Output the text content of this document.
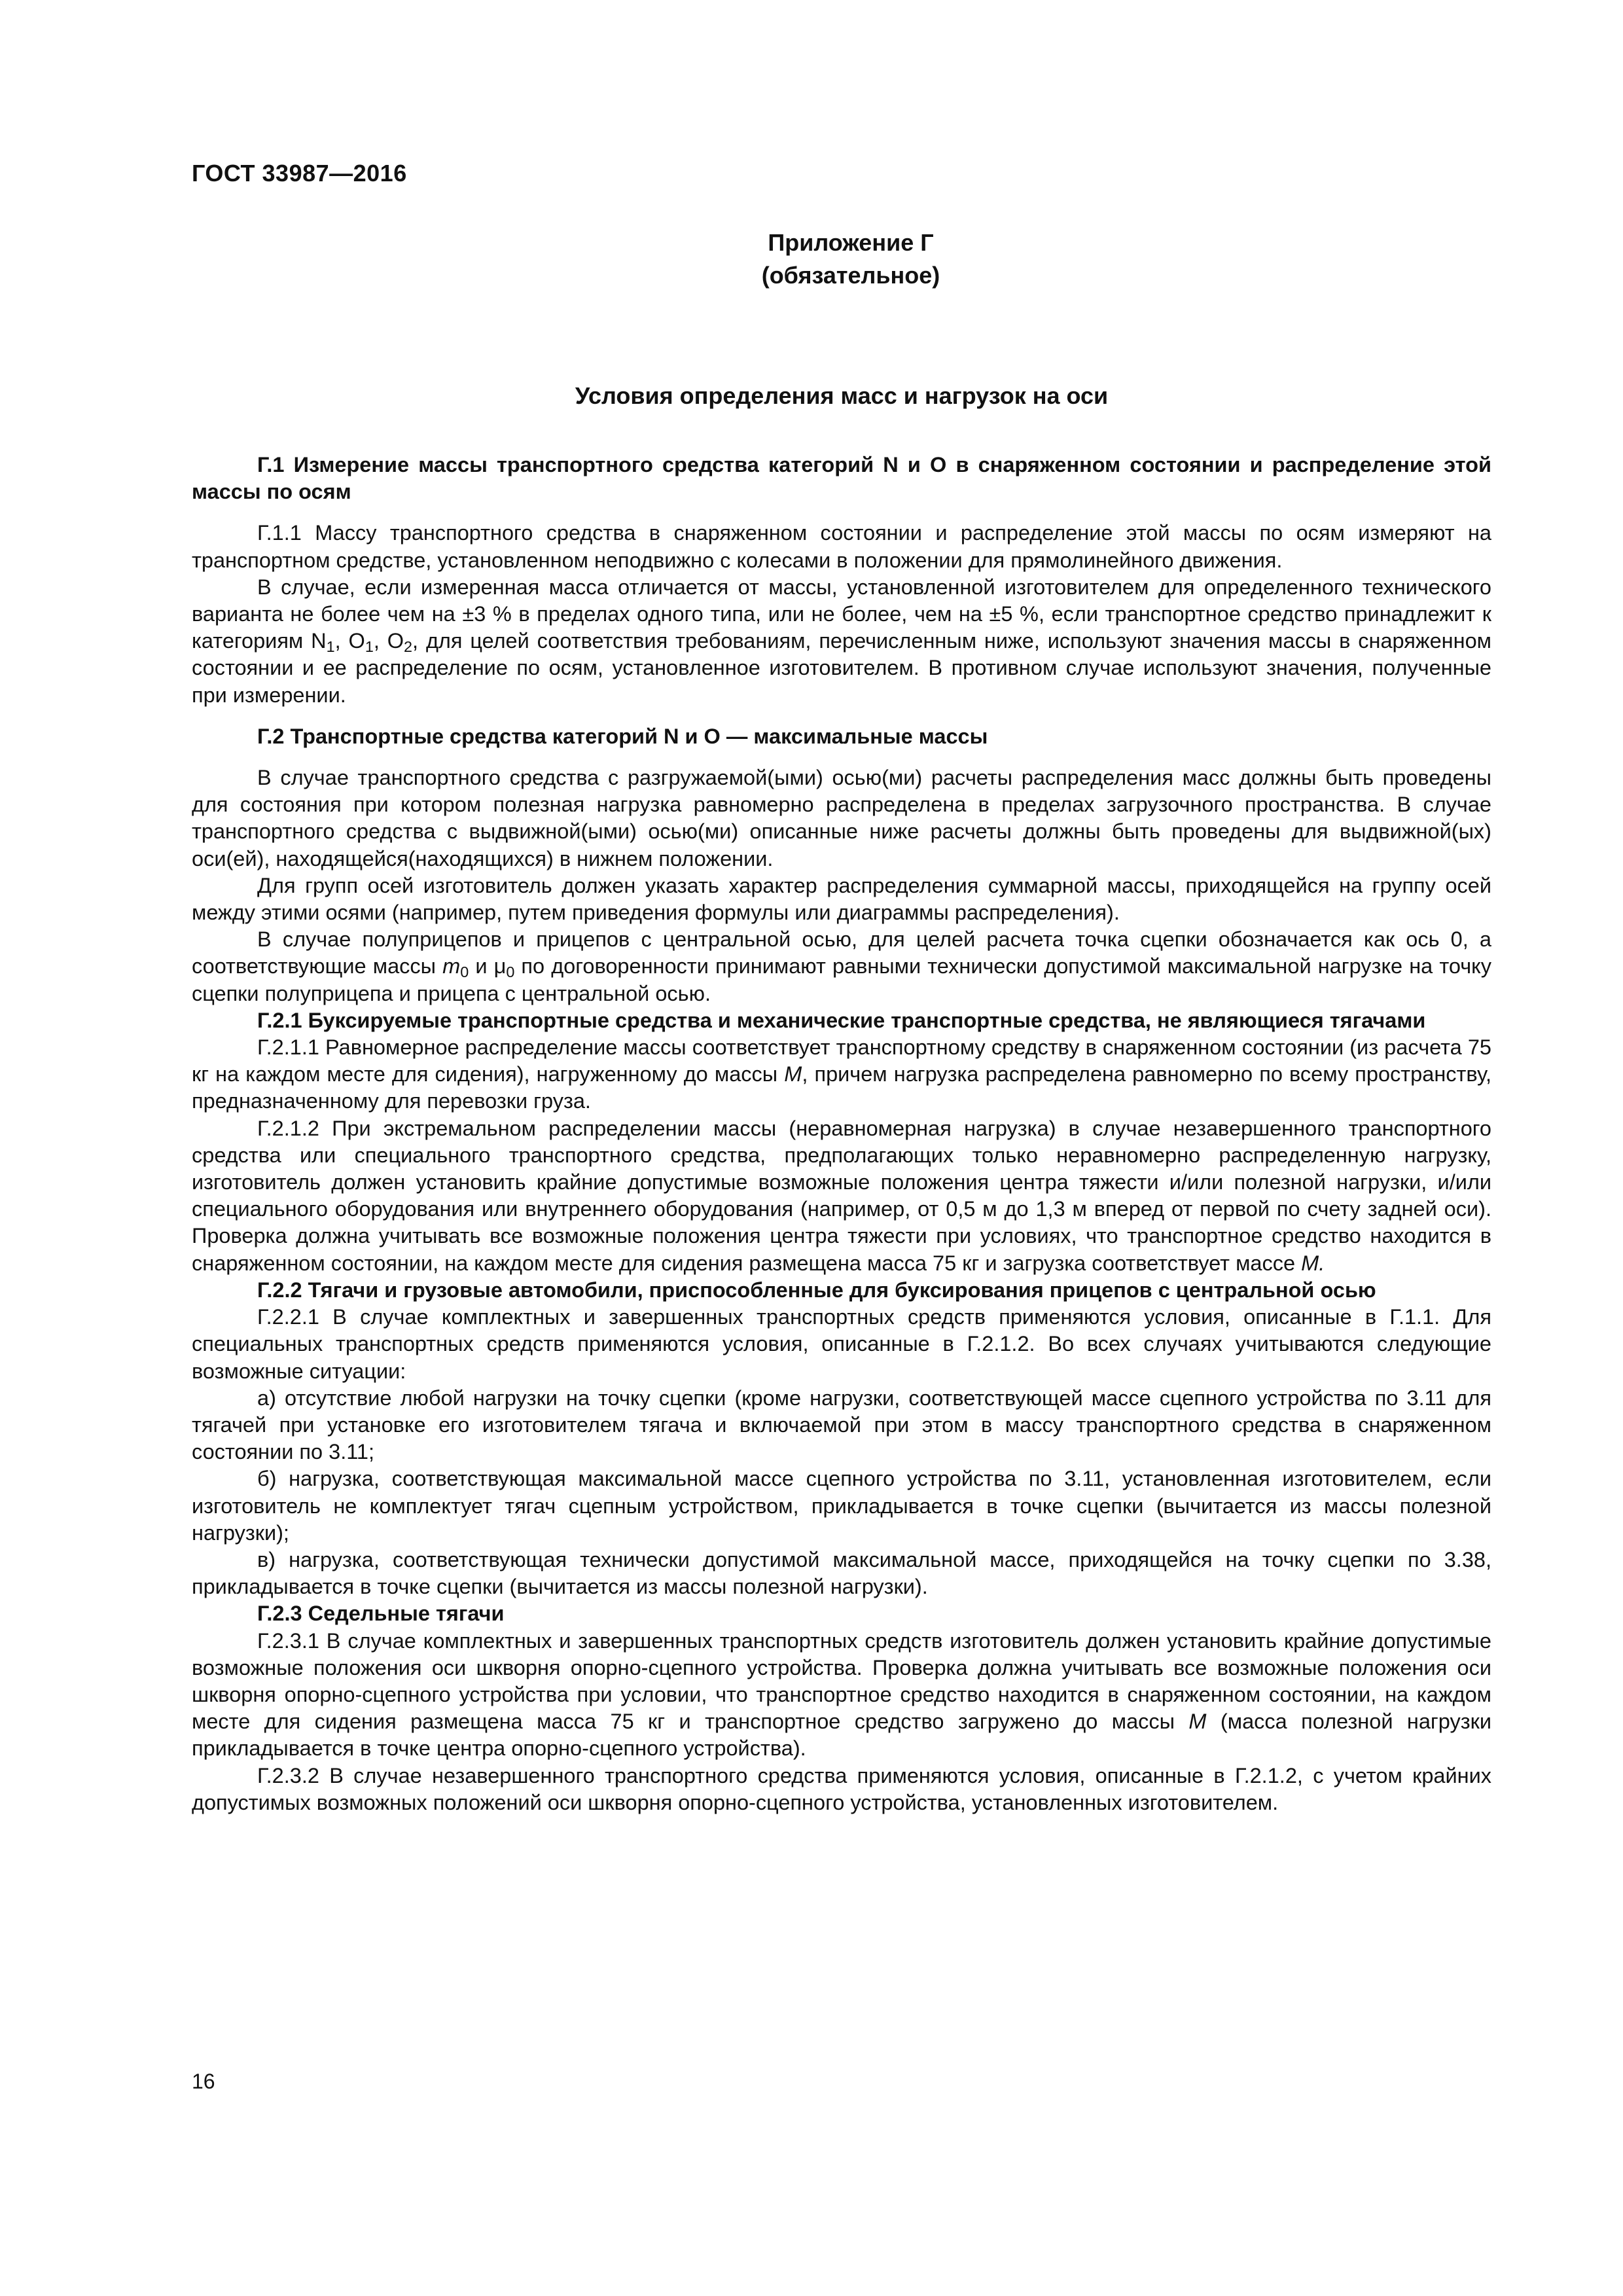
ГОСТ 33987—2016
Приложение Г
(обязательное)
Условия определения масс и нагрузок на оси

Г.1 Измерение массы транспортного средства категорий N и O в снаряженном состоянии и распределение этой массы по осям

Г.1.1 Массу транспортного средства в снаряженном состоянии и распределение этой массы по осям измеряют на транспортном средстве, установленном неподвижно с колесами в положении для прямолинейного движения.

В случае, если измеренная масса отличается от массы, установленной изготовителем для определенного технического варианта не более чем на ±3 % в пределах одного типа, или не более, чем на ±5 %, если транспортное средство принадлежит к категориям $N_1$, $O_1$, $O_2$, для целей соответствия требованиям, перечисленным ниже, используют значения массы в снаряженном состоянии и ее распределение по осям, установленное изготовителем. В противном случае используют значения, полученные при измерении.

Г.2 Транспортные средства категорий N и O — максимальные массы

В случае транспортного средства с разгружаемой(ыми) осью(ми) расчеты распределения масс должны быть проведены для состояния при котором полезная нагрузка равномерно распределена в пределах загрузочного пространства. В случае транспортного средства с выдвижной(ыми) осью(ми) описанные ниже расчеты должны быть проведены для выдвижной(ых) оси(ей), находящейся(находящихся) в нижнем положении.

Для групп осей изготовитель должен указать характер распределения суммарной массы, приходящейся на группу осей между этими осями (например, путем приведения формулы или диаграммы распределения).

В случае полуприцепов и прицепов с центральной осью, для целей расчета точка сцепки обозначается как ось 0, а соответствующие массы $m_0$ и $\mu_0$ по договоренности принимают равными технически допустимой максимальной нагрузке на точку сцепки полуприцепа и прицепа с центральной осью.

Г.2.1 Буксируемые транспортные средства и механические транспортные средства, не являющиеся тягачами

Г.2.1.1 Равномерное распределение массы соответствует транспортному средству в снаряженном состоянии (из расчета 75 кг на каждом месте для сидения), нагруженному до массы M, причем нагрузка распределена равномерно по всему пространству, предназначенному для перевозки груза.

Г.2.1.2 При экстремальном распределении массы (неравномерная нагрузка) в случае незавершенного транспортного средства или специального транспортного средства, предполагающих только неравномерно распределенную нагрузку, изготовитель должен установить крайние допустимые возможные положения центра тяжести и/или полезной нагрузки, и/или специального оборудования или внутреннего оборудования (например, от 0,5 м до 1,3 м вперед от первой по счету задней оси). Проверка должна учитывать все возможные положения центра тяжести при условиях, что транспортное средство находится в снаряженном состоянии, на каждом месте для сидения размещена масса 75 кг и загрузка соответствует массе M.

Г.2.2 Тягачи и грузовые автомобили, приспособленные для буксирования прицепов с центральной осью

Г.2.2.1 В случае комплектных и завершенных транспортных средств применяются условия, описанные в Г.1.1. Для специальных транспортных средств применяются условия, описанные в Г.2.1.2. Во всех случаях учитываются следующие возможные ситуации:

а) отсутствие любой нагрузки на точку сцепки (кроме нагрузки, соответствующей массе сцепного устройства по 3.11 для тягачей при установке его изготовителем тягача и включаемой при этом в массу транспортного средства в снаряженном состоянии по 3.11;

б) нагрузка, соответствующая максимальной массе сцепного устройства по 3.11, установленная изготовителем, если изготовитель не комплектует тягач сцепным устройством, прикладывается в точке сцепки (вычитается из массы полезной нагрузки);

в) нагрузка, соответствующая технически допустимой максимальной массе, приходящейся на точку сцепки по 3.38, прикладывается в точке сцепки (вычитается из массы полезной нагрузки).

Г.2.3 Седельные тягачи

Г.2.3.1 В случае комплектных и завершенных транспортных средств изготовитель должен установить крайние допустимые возможные положения оси шкворня опорно-сцепного устройства. Проверка должна учитывать все возможные положения оси шкворня опорно-сцепного устройства при условии, что транспортное средство находится в снаряженном состоянии, на каждом месте для сидения размещена масса 75 кг и транспортное средство загружено до массы M (масса полезной нагрузки прикладывается в точке центра опорно-сцепного устройства).

Г.2.3.2 В случае незавершенного транспортного средства применяются условия, описанные в Г.2.1.2, с учетом крайних допустимых возможных положений оси шкворня опорно-сцепного устройства, установленных изготовителем.

16
